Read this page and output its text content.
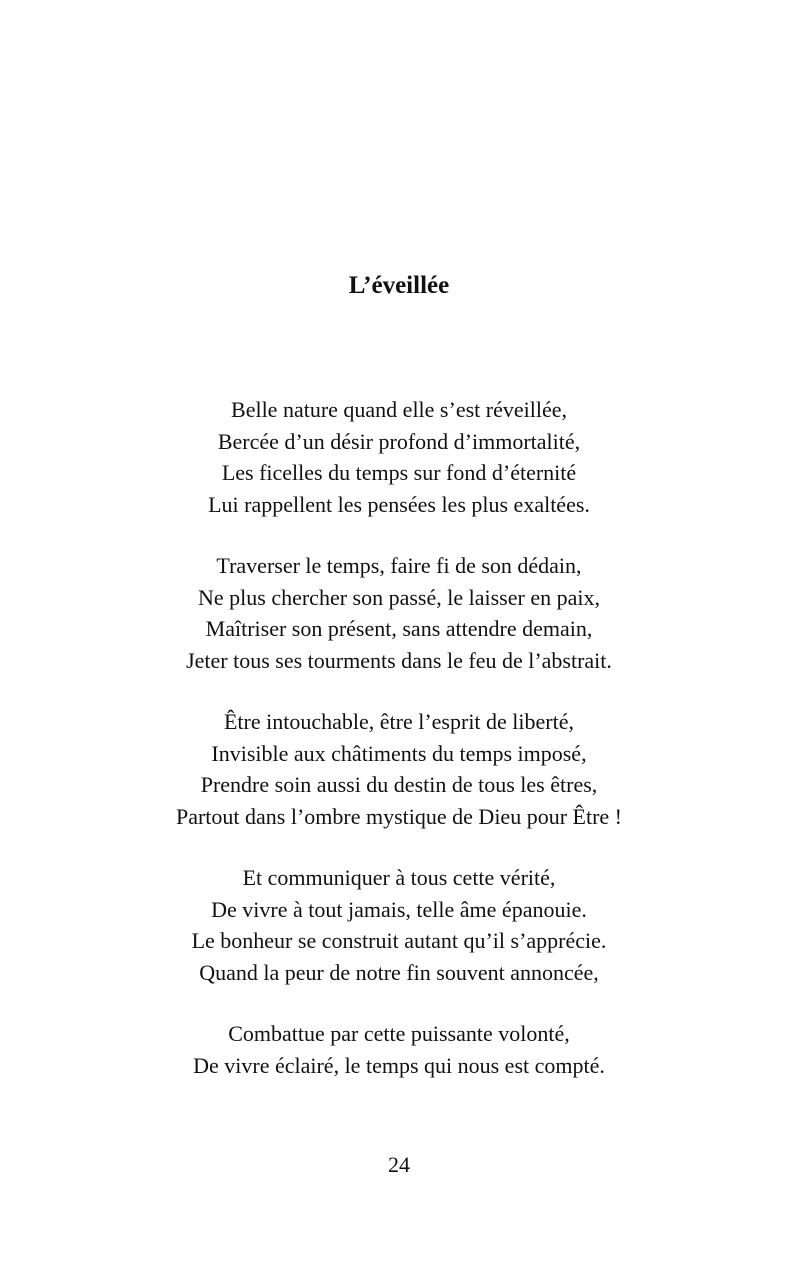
L’éveillée
Belle nature quand elle s’est réveillée,
Bercée d’un désir profond d’immortalité,
Les ficelles du temps sur fond d’éternité
Lui rappellent les pensées les plus exaltées.
Traverser le temps, faire fi de son dédain,
Ne plus chercher son passé, le laisser en paix,
Maîtriser son présent, sans attendre demain,
Jeter tous ses tourments dans le feu de l’abstrait.
Être intouchable, être l’esprit de liberté,
Invisible aux châtiments du temps imposé,
Prendre soin aussi du destin de tous les êtres,
Partout dans l’ombre mystique de Dieu pour Être !
Et communiquer à tous cette vérité,
De vivre à tout jamais, telle âme épanouie.
Le bonheur se construit autant qu’il s’apprécie.
Quand la peur de notre fin souvent annoncée,
Combattue par cette puissante volonté,
De vivre éclairé, le temps qui nous est compté.
24
